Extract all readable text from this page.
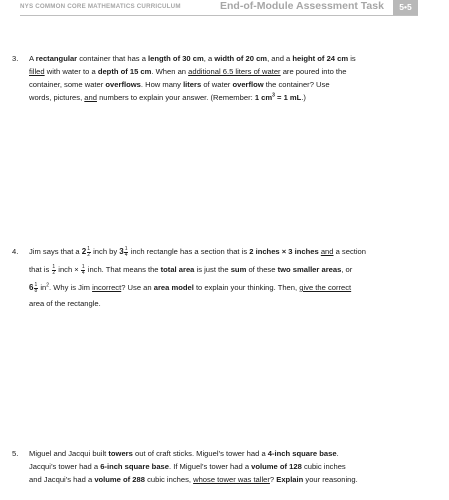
NYS COMMON CORE MATHEMATICS CURRICULUM	End-of-Module Assessment Task	5•5
3. A rectangular container that has a length of 30 cm, a width of 20 cm, and a height of 24 cm is
filled with water to a depth of 15 cm. When an additional 6.5 liters of water are poured into the
container, some water overflows. How many liters of water overflow the container? Use
words, pictures, and numbers to explain your answer. (Remember: 1 $cm^3 = 1$ mL.)
4. Jim says that a $2 \frac{1}{2}$ inch by $3 \frac{1}{4}$ inch rectangle has a section that is 2 inches × 3 inches and a section
that is $\frac{1}{2}$ inch × $\frac{1}{4}$ inch. That means the total area is just the sum of these two smaller areas, or
$6 \frac{1}{8} in^2$. Why is Jim incorrect? Use an area model to explain your thinking. Then, give the correct
area of the rectangle.
5. Miguel and Jacqui built towers out of craft sticks. Miguel’s tower had a 4-inch square base.
Jacqui’s tower had a 6-inch square base. If Miguel’s tower had a volume of 128 cubic inches
and Jacqui’s had a volume of 288 cubic inches, whose tower was taller? Explain your reasoning.
